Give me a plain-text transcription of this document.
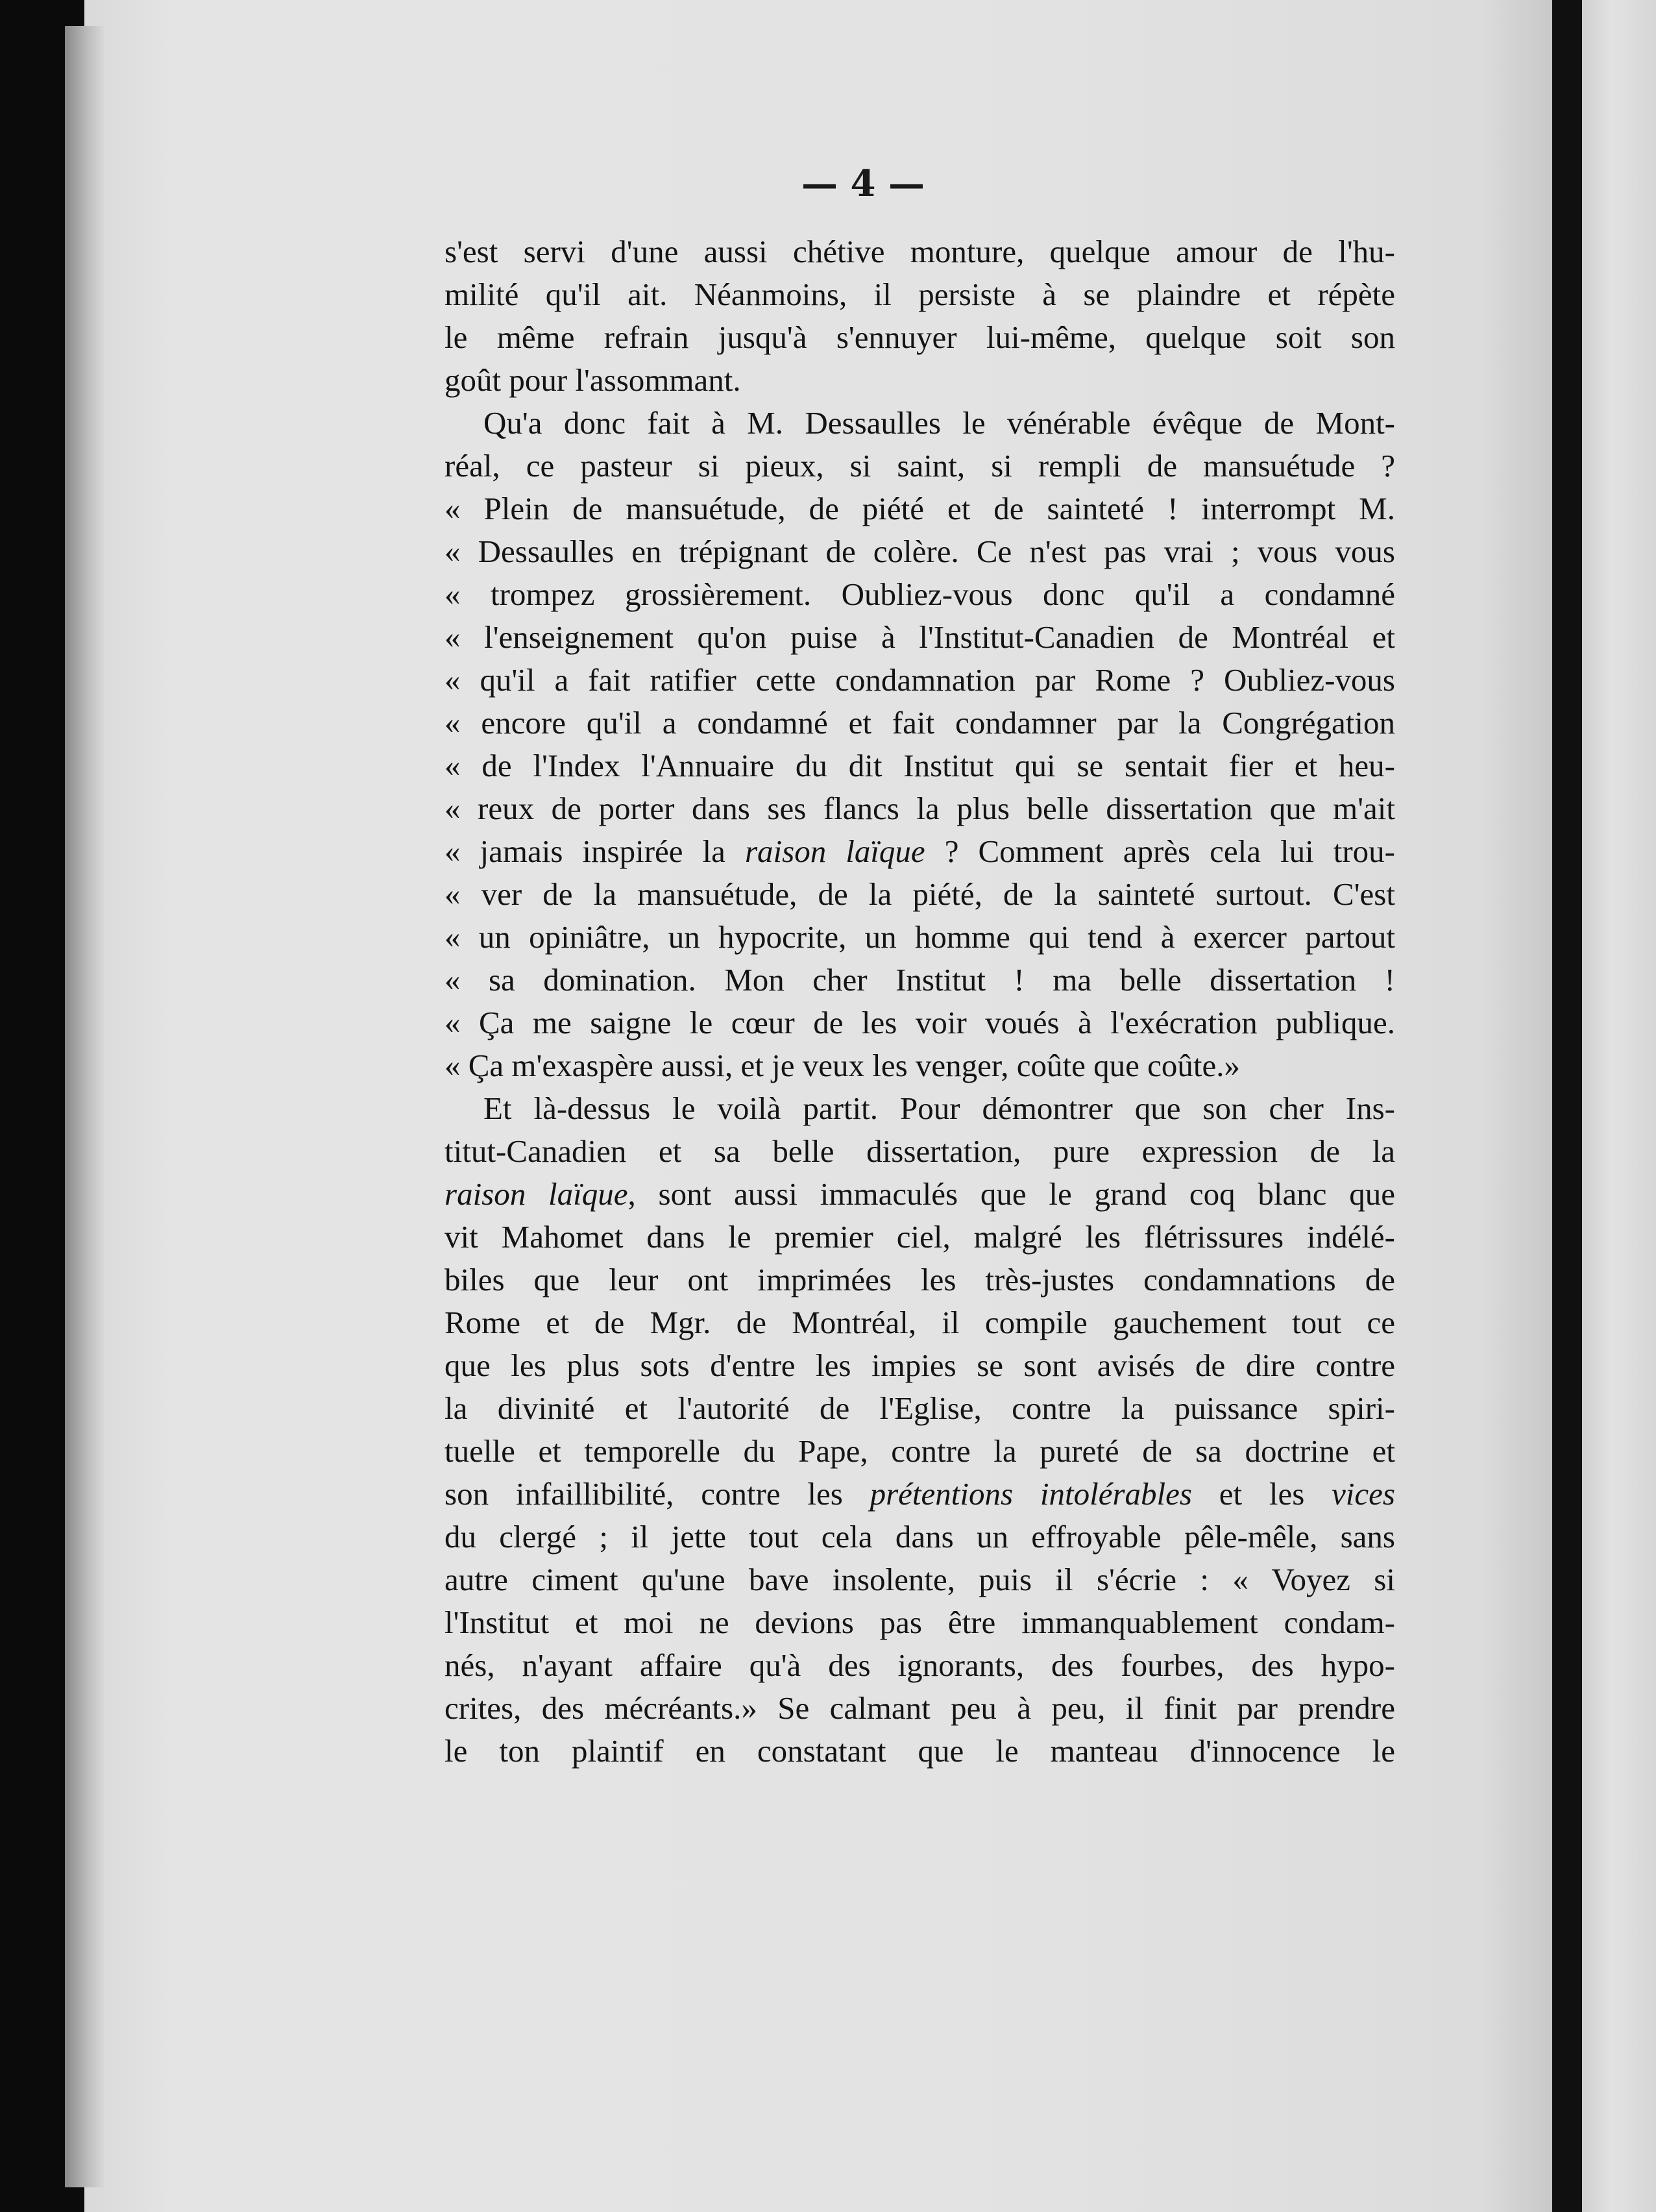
— 4 —
s'est servi d'une aussi chétive monture, quelque amour de l'hu-
milité qu'il ait. Néanmoins, il persiste à se plaindre et répète
le même refrain jusqu'à s'ennuyer lui-même, quelque soit son
goût pour l'assommant.
Qu'a donc fait à M. Dessaulles le vénérable évêque de Mont-
réal, ce pasteur si pieux, si saint, si rempli de mansuétude ?
« Plein de mansuétude, de piété et de sainteté ! interrompt M.
« Dessaulles en trépignant de colère. Ce n'est pas vrai ; vous vous
« trompez grossièrement. Oubliez-vous donc qu'il a condamné
« l'enseignement qu'on puise à l'Institut-Canadien de Montréal et
« qu'il a fait ratifier cette condamnation par Rome ? Oubliez-vous
« encore qu'il a condamné et fait condamner par la Congrégation
« de l'Index l'Annuaire du dit Institut qui se sentait fier et heu-
« reux de porter dans ses flancs la plus belle dissertation que m'ait
« jamais inspirée la raison laïque ? Comment après cela lui trou-
« ver de la mansuétude, de la piété, de la sainteté surtout. C'est
« un opiniâtre, un hypocrite, un homme qui tend à exercer partout
« sa domination. Mon cher Institut ! ma belle dissertation !
« Ça me saigne le cœur de les voir voués à l'exécration publique.
« Ça m'exaspère aussi, et je veux les venger, coûte que coûte.»
Et là-dessus le voilà partit. Pour démontrer que son cher Ins-
titut-Canadien et sa belle dissertation, pure expression de la
raison laïque, sont aussi immaculés que le grand coq blanc que
vit Mahomet dans le premier ciel, malgré les flétrissures indélé-
biles que leur ont imprimées les très-justes condamnations de
Rome et de Mgr. de Montréal, il compile gauchement tout ce
que les plus sots d'entre les impies se sont avisés de dire contre
la divinité et l'autorité de l'Eglise, contre la puissance spiri-
tuelle et temporelle du Pape, contre la pureté de sa doctrine et
son infaillibilité, contre les prétentions intolérables et les vices
du clergé ; il jette tout cela dans un effroyable pêle-mêle, sans
autre ciment qu'une bave insolente, puis il s'écrie : « Voyez si
l'Institut et moi ne devions pas être immanquablement condam-
nés, n'ayant affaire qu'à des ignorants, des fourbes, des hypo-
crites, des mécréants.» Se calmant peu à peu, il finit par prendre
le ton plaintif en constatant que le manteau d'innocence le
